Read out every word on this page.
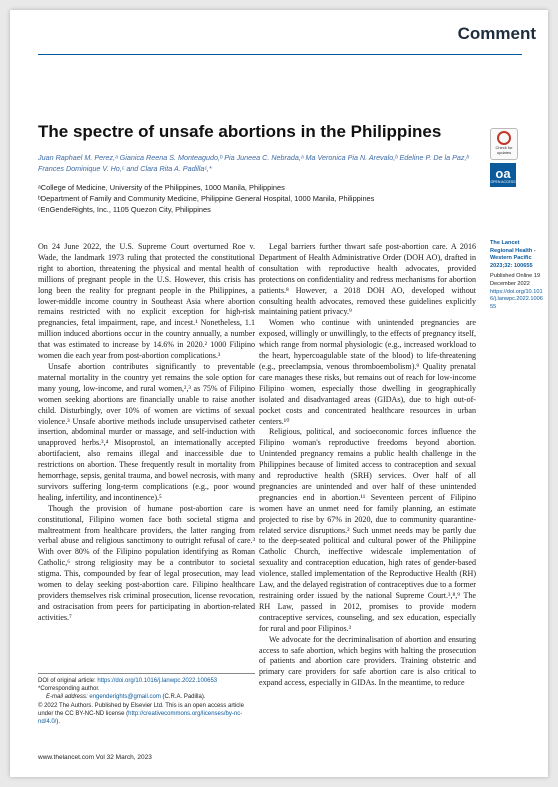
Comment
Check for
updates
oa
OPEN ACCESS
The spectre of unsafe abortions in the Philippines
Juan Raphael M. Perez,ᵃ Gianica Reena S. Monteagudo,ᵇ Pia Juneea C. Nebrada,ᵃ Ma Veronica Pia N. Arevalo,ᵇ Edeline P. De la Paz,ᵇ Frances Dominique V. Ho,ᶜ and Clara Rita A. Padillaᶜ,*
ᵃCollege of Medicine, University of the Philippines, 1000 Manila, Philippines
ᵇDepartment of Family and Community Medicine, Philippine General Hospital, 1000 Manila, Philippines
ᶜEnGendeRights, Inc., 1105 Quezon City, Philippines

On 24 June 2022, the U.S. Supreme Court overturned Roe v. Wade, the landmark 1973 ruling that protected the constitutional right to abortion, threatening the physical and mental health of millions of pregnant people in the U.S. However, this crisis has long been the reality for pregnant people in the Philippines, a lower-middle income country in Southeast Asia where abortion remains restricted with no explicit exception for high-risk pregnancies, fetal impairment, rape, and incest.¹ Nonetheless, 1.1 million induced abortions occur in the country annually, a number that was estimated to increase by 14.6% in 2020.² 1000 Filipino women die each year from post-abortion complications.³

Unsafe abortion contributes significantly to preventable maternal mortality in the country yet remains the sole option for many young, low-income, and rural women,²,³ as 75% of Filipino women seeking abortions are financially unable to raise another child. Disturbingly, over 10% of women are victims of sexual violence.³ Unsafe abortive methods include unsupervised catheter insertion, abdominal murder or massage, and self-induction with unapproved herbs.³,⁴ Misoprostol, an internationally accepted abortifacient, also remains illegal and inaccessible due to restrictions on abortion. These frequently result in mortality from hemorrhage, sepsis, genital trauma, and bowel necrosis, with many survivors suffering long-term complications (e.g., poor wound healing, infertility, and incontinence).⁵

Though the provision of humane post-abortion care is constitutional, Filipino women face both societal stigma and maltreatment from healthcare providers, the latter ranging from verbal abuse and religious sanctimony to outright refusal of care.³ With over 80% of the Filipino population identifying as Roman Catholic,⁶ strong religiosity may be a contributor to societal stigma. This, compounded by fear of legal prosecution, may lead women to delay seeking post-abortion care. Filipino healthcare providers themselves risk criminal prosecution, license revocation, and ostracisation from peers for participating in abortion-related activities.⁷

Legal barriers further thwart safe post-abortion care. A 2016 Department of Health Administrative Order (DOH AO), drafted in consultation with reproductive health advocates, provided protections on confidentiality and redress mechanisms for abortion patients.⁸ However, a 2018 DOH AO, developed without consulting health advocates, removed these guidelines explicitly maintaining patient privacy.⁹

Women who continue with unintended pregnancies are exposed, willingly or unwillingly, to the effects of pregnancy itself, which range from normal physiologic (e.g., increased workload to the heart, hypercoagulable state of the blood) to life-threatening (e.g., preeclampsia, venous thromboembolism).⁹ Quality prenatal care manages these risks, but remains out of reach for low-income Filipino women, especially those dwelling in geographically isolated and disadvantaged areas (GIDAs), due to high out-of-pocket costs and concentrated healthcare resources in urban centers.¹⁰

Religious, political, and socioeconomic forces influence the Filipino woman's reproductive freedoms beyond abortion. Unintended pregnancy remains a public health challenge in the Philippines because of limited access to contraception and sexual and reproductive health (SRH) services. Over half of all pregnancies are unintended and over half of these unintended pregnancies end in abortion.¹¹ Seventeen percent of Filipino women have an unmet need for family planning, an estimate projected to rise by 67% in 2020, due to community quarantine-related service disruptions.² Such unmet needs may be partly due to the deep-seated political and cultural power of the Philippine Catholic Church, ineffective widescale implementation of sexuality and contraception education, high rates of gender-based violence, stalled implementation of the Reproductive Health (RH) Law, and the delayed registration of contraceptives due to a former restraining order issued by the national Supreme Court.³,⁸,⁹ The RH Law, passed in 2012, promises to provide modern contraceptive services, counseling, and sex education, especially for rural and poor Filipinos.³

We advocate for the decriminalisation of abortion and ensuring access to safe abortion, which begins with halting the prosecution of patients and abortion care providers. Training obstetric and primary care providers for safe abortion care is also critical to expand access, especially in GIDAs. In the meantime, to reduce

The Lancet Regional Health - Western Pacific 2023;32: 100655
Published Online 19 December 2022
https://doi.org/10.1016/j.lanwpc.2022.100655
DOI of original article: https://doi.org/10.1016/j.lanwpc.2022.100653
*Corresponding author.
E-mail address: engenderights@gmail.com (C.R.A. Padilla).
© 2022 The Authors. Published by Elsevier Ltd. This is an open access article under the CC BY-NC-ND license (http://creativecommons.org/licenses/by-nc-nd/4.0/).
www.thelancet.com Vol 32 March, 2023
